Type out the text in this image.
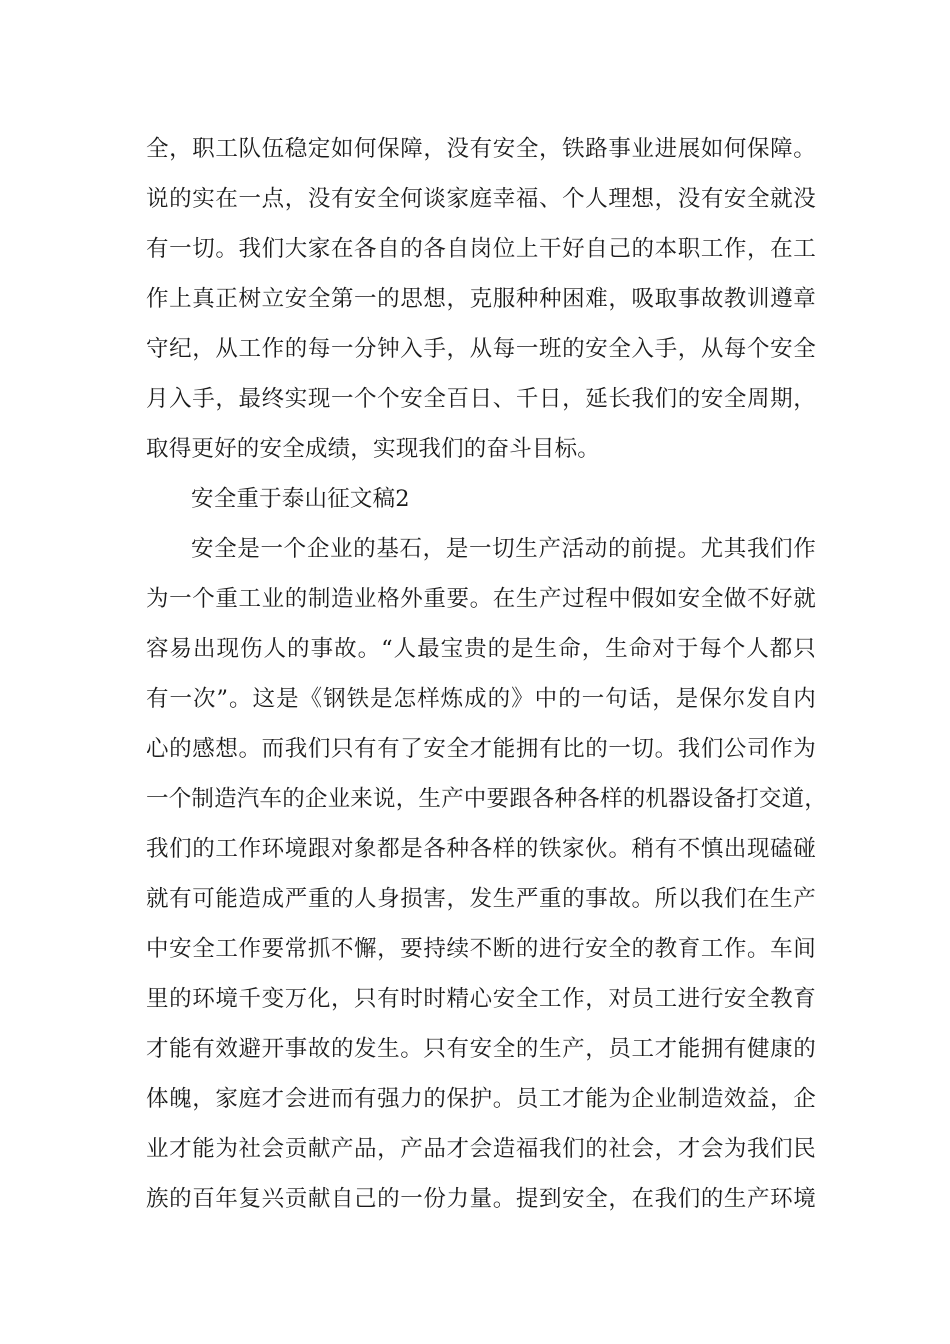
全，职工队伍稳定如何保障，没有安全，铁路事业进展如何保障。
说的实在一点，没有安全何谈家庭幸福、个人理想，没有安全就没
有一切。我们大家在各自的各自岗位上干好自己的本职工作，在工
作上真正树立安全第一的思想，克服种种困难，吸取事故教训遵章
守纪，从工作的每一分钟入手，从每一班的安全入手，从每个安全
月入手，最终实现一个个安全百日、千日，延长我们的安全周期，
取得更好的安全成绩，实现我们的奋斗目标。
安全重于泰山征文稿2
安全是一个企业的基石，是一切生产活动的前提。尤其我们作
为一个重工业的制造业格外重要。在生产过程中假如安全做不好就
容易出现伤人的事故。“人最宝贵的是生命，生命对于每个人都只
有一次”。这是《钢铁是怎样炼成的》中的一句话，是保尔发自内
心的感想。而我们只有有了安全才能拥有比的一切。我们公司作为
一个制造汽车的企业来说，生产中要跟各种各样的机器设备打交道，
我们的工作环境跟对象都是各种各样的铁家伙。稍有不慎出现磕碰
就有可能造成严重的人身损害，发生严重的事故。所以我们在生产
中安全工作要常抓不懈，要持续不断的进行安全的教育工作。车间
里的环境千变万化，只有时时精心安全工作，对员工进行安全教育
才能有效避开事故的发生。只有安全的生产，员工才能拥有健康的
体魄，家庭才会进而有强力的保护。员工才能为企业制造效益，企
业才能为社会贡献产品，产品才会造福我们的社会，才会为我们民
族的百年复兴贡献自己的一份力量。提到安全，在我们的生产环境
